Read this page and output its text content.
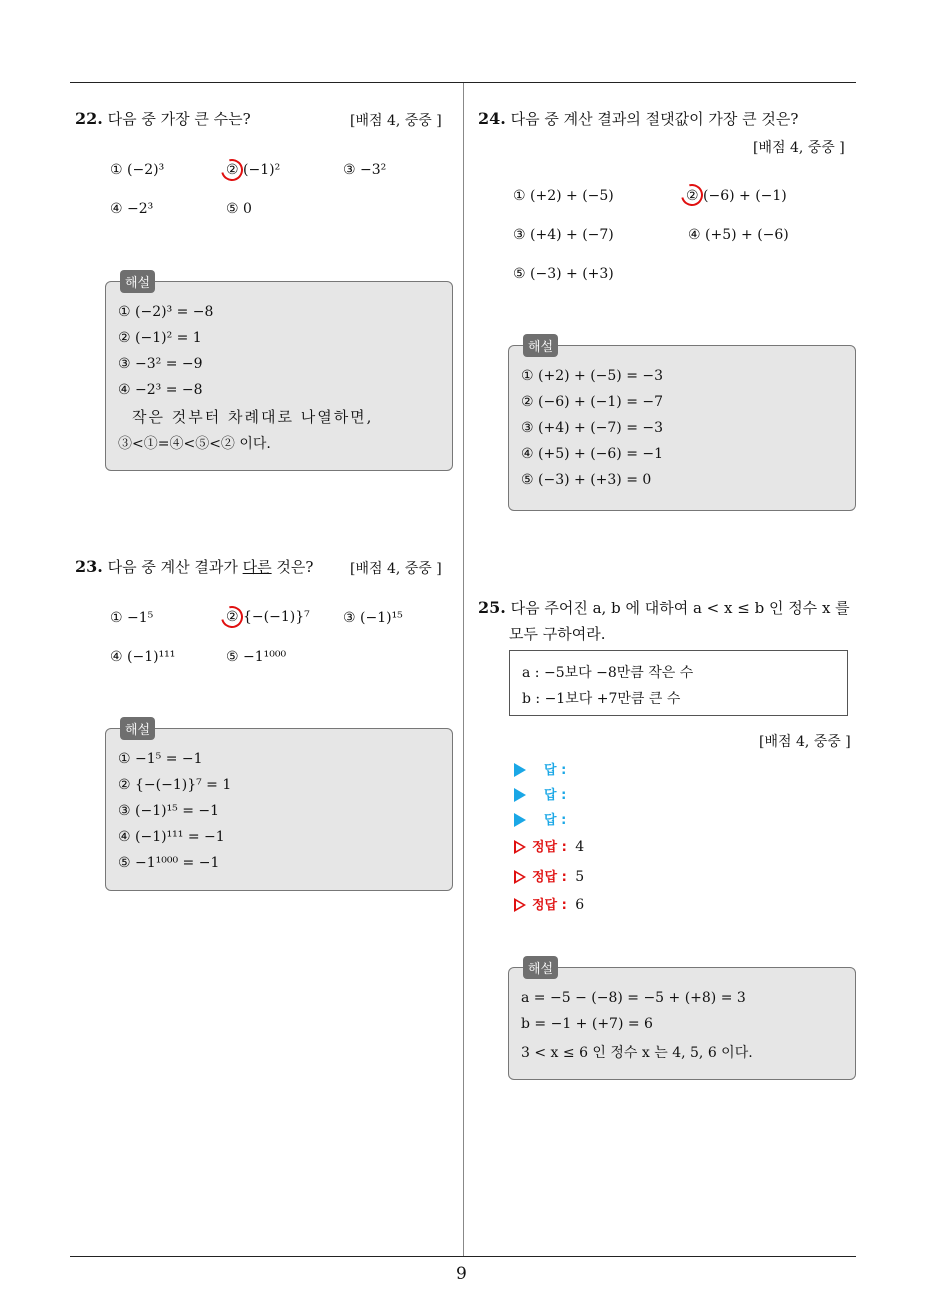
22. 다음 중 가장 큰 수는?	[배점 4, 중중 ]
① (−2)³	② (−1)²	③ −3²
④ −2³	⑤ 0
해설
① (−2)³ = −8
② (−1)² = 1
③ −3² = −9
④ −2³ = −8
작은 것부터 차례대로 나열하면,
③<①=④<⑤<② 이다.
23. 다음 중 계산 결과가 다른 것은?	[배점 4, 중중 ]
① −1⁵	② {−(−1)}⁷ ③ (−1)¹⁵
④ (−1)¹¹¹	⑤ −1¹⁰⁰⁰
해설
① −1⁵ = −1
② {−(−1)}⁷ = 1
③ (−1)¹⁵ = −1
④ (−1)¹¹¹ = −1
⑤ −1¹⁰⁰⁰ = −1
24. 다음 중 계산 결과의 절댓값이 가장 큰 것은?
[배점 4, 중중 ]
① (+2) + (−5)	② (−6) + (−1)
③ (+4) + (−7)	④ (+5) + (−6)
⑤ (−3) + (+3)
해설
① (+2) + (−5) = −3
② (−6) + (−1) = −7
③ (+4) + (−7) = −3
④ (+5) + (−6) = −1
⑤ (−3) + (+3) = 0
25. 다음 주어진 a, b 에 대하여 a < x ≤ b 인 정수 x 를
모두 구하여라.
a : −5보다 −8만큼 작은 수
b : −1보다 +7만큼 큰 수
[배점 4, 중중 ]
답 :
답 :
답 :
정답 : 4
정답 : 5
정답 : 6
해설
a = −5 − (−8) = −5 + (+8) = 3
b = −1 + (+7) = 6
3 < x ≤ 6 인 정수 x 는 4, 5, 6 이다.
9
